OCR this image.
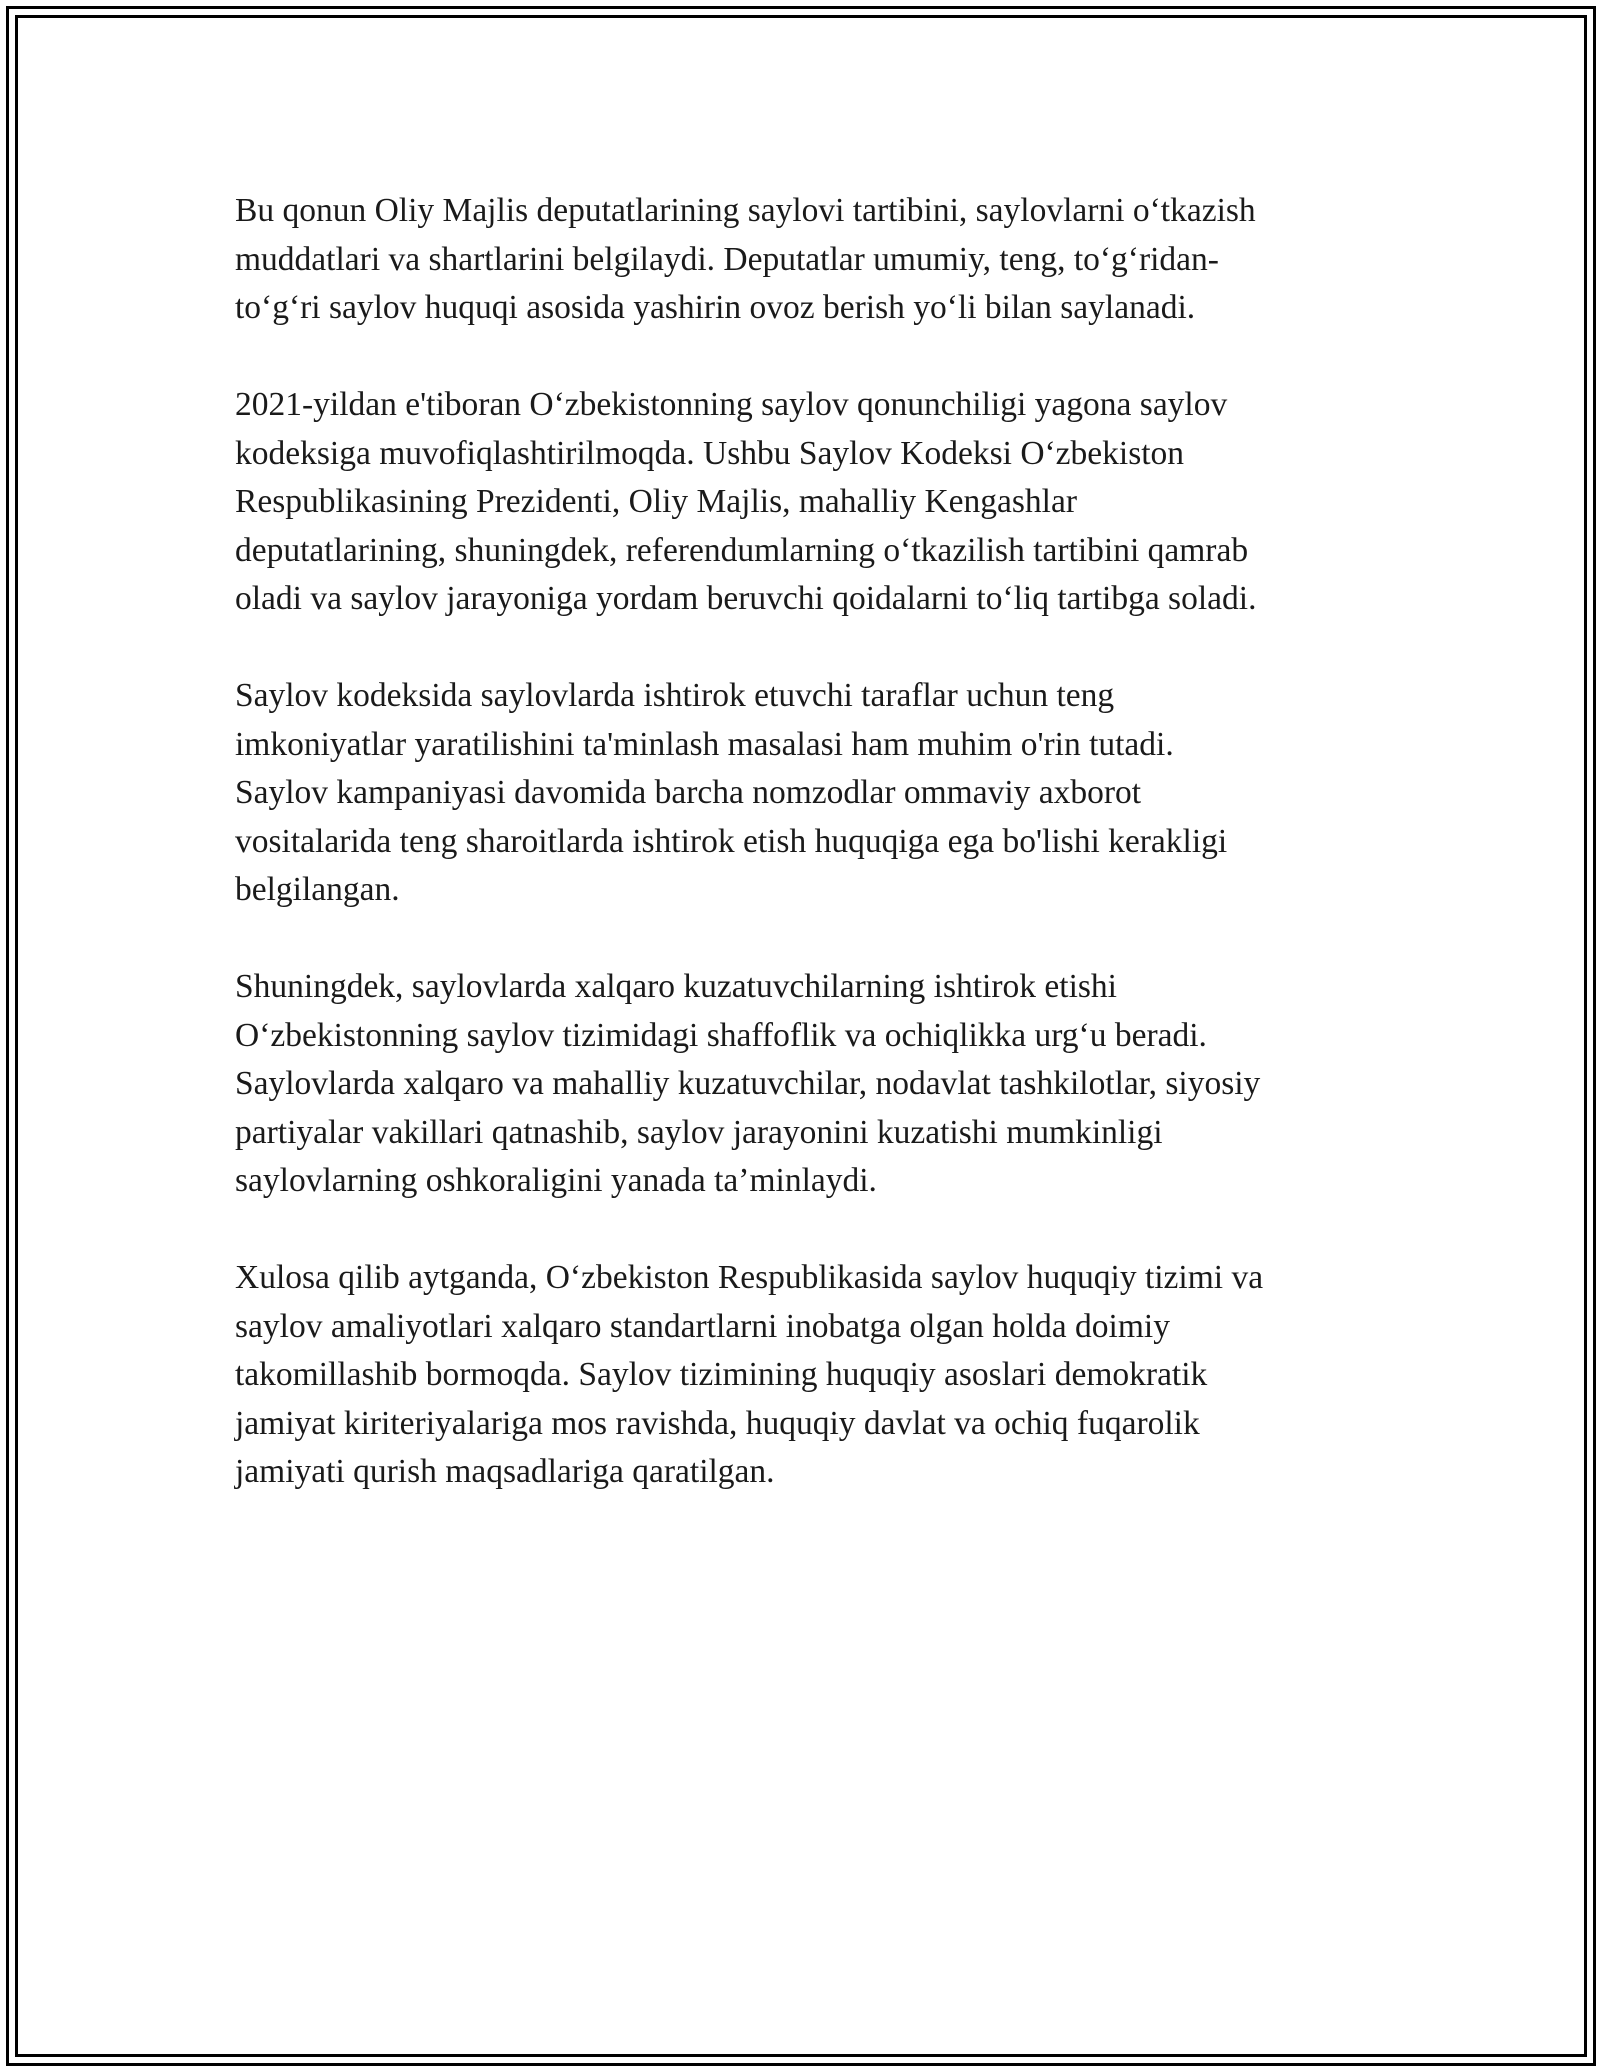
Bu qonun Oliy Majlis deputatlarining saylovi tartibini, saylovlarni o‘tkazish
muddatlari va shartlarini belgilaydi. Deputatlar umumiy, teng, to‘g‘ridan-
to‘g‘ri saylov huquqi asosida yashirin ovoz berish yo‘li bilan saylanadi.

2021-yildan e'tiboran O‘zbekistonning saylov qonunchiligi yagona saylov
kodeksiga muvofiqlashtirilmoqda. Ushbu Saylov Kodeksi O‘zbekiston
Respublikasining Prezidenti, Oliy Majlis, mahalliy Kengashlar
deputatlarining, shuningdek, referendumlarning o‘tkazilish tartibini qamrab
oladi va saylov jarayoniga yordam beruvchi qoidalarni to‘liq tartibga soladi.

Saylov kodeksida saylovlarda ishtirok etuvchi taraflar uchun teng
imkoniyatlar yaratilishini ta'minlash masalasi ham muhim o'rin tutadi.
Saylov kampaniyasi davomida barcha nomzodlar ommaviy axborot
vositalarida teng sharoitlarda ishtirok etish huquqiga ega bo'lishi kerakligi
belgilangan.

Shuningdek, saylovlarda xalqaro kuzatuvchilarning ishtirok etishi
O‘zbekistonning saylov tizimidagi shaffoflik va ochiqlikka urg‘u beradi.
Saylovlarda xalqaro va mahalliy kuzatuvchilar, nodavlat tashkilotlar, siyosiy
partiyalar vakillari qatnashib, saylov jarayonini kuzatishi mumkinligi
saylovlarning oshkoraligini yanada ta’minlaydi.

Xulosa qilib aytganda, O‘zbekiston Respublikasida saylov huquqiy tizimi va
saylov amaliyotlari xalqaro standartlarni inobatga olgan holda doimiy
takomillashib bormoqda. Saylov tizimining huquqiy asoslari demokratik
jamiyat kiriteriyalariga mos ravishda, huquqiy davlat va ochiq fuqarolik
jamiyati qurish maqsadlariga qaratilgan.
